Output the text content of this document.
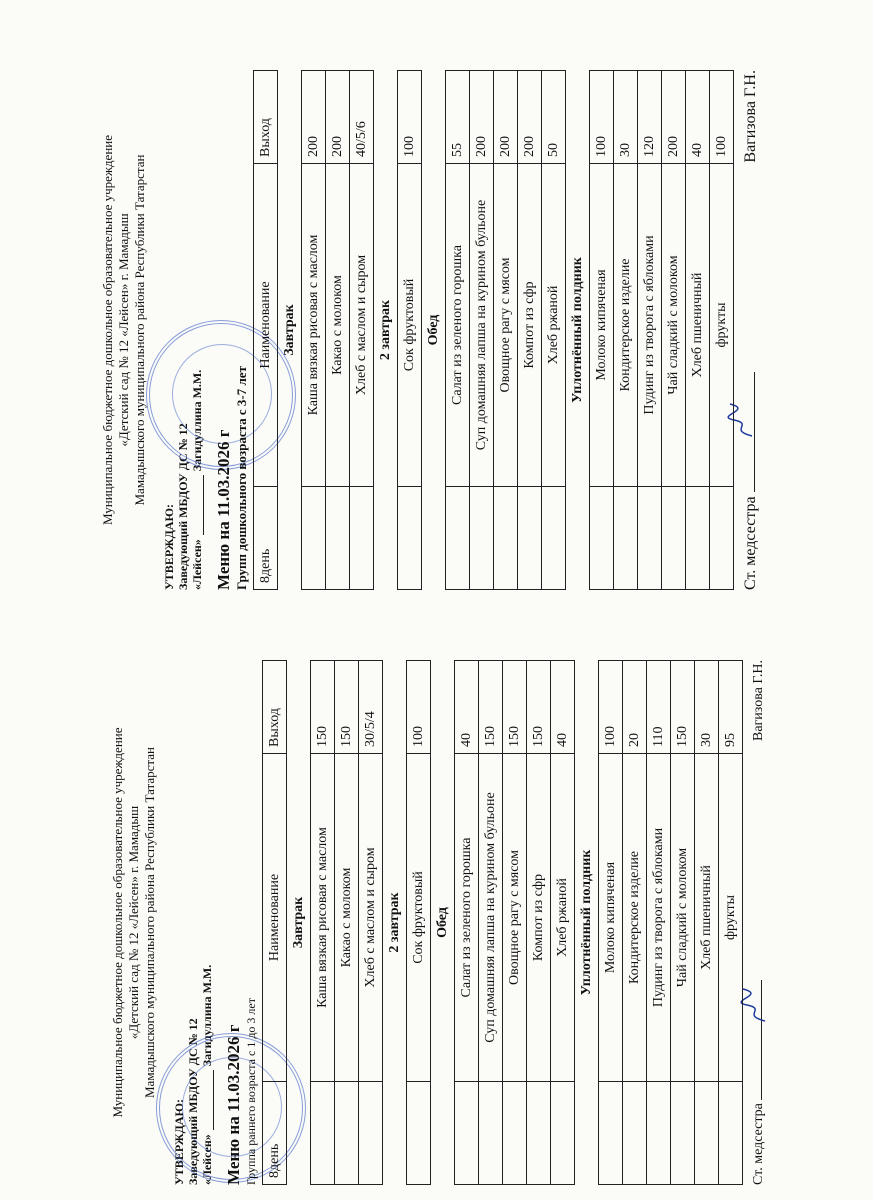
Муниципальное бюджетное дошкольное образовательное учреждение «Детский сад № 12 «Лейсен» г. Мамадыш Мамадышского муниципального района Республики Татарстан
УТВЕРЖДАЮ: Заведующий МБДОУ ДС № 12 «Лейсен»Загидуллина М.М.
Меню на 11.03.2026 г Группа раннего возраста с 1 до 3 лет 8день	Наименование	Выход
Завтрак		
	Каша вязкая рисовая с маслом	150
	Какао с молоком	150
	Хлеб с маслом и сыром	30/5/4
2 завтрак		
	Сок фруктовый	100
Обед		
	Салат из зеленого горошка	40
	Суп домашняя лапша на курином бульоне	150
	Овощное рагу с мясом	150
	Компот из сфр	150
	Хлеб ржаной	40
Уплотнённый полдник		
	Молоко кипяченая	100
	Кондитерское изделие	20
	Пудинг из творога с яблоками	110
	Чай сладкий с молоком	150
	Хлеб пшеничный	30
	фрукты	95
Ст. медсестра
Вагизова Г.Н.
Муниципальное бюджетное дошкольное образовательное учреждение «Детский сад № 12 «Лейсен» г. Мамадыш Мамадышского муниципального района Республики Татарстан
УТВЕРЖДАЮ: Заведующий МБДОУ ДС № 12 «Лейсен»Загидуллина М.М.
Меню на 11.03.2026 г Групп дошкольного возраста с 3-7 лет 8день	Наименование	Выход
Завтрак		
	Каша вязкая рисовая с маслом	200
	Какао с молоком	200
	Хлеб с маслом и сыром	40/5/6
2 завтрак		
	Сок фруктовый	100
Обед		
	Салат из зеленого горошка	55
	Суп домашняя лапша на курином бульоне	200
	Овощное рагу с мясом	200
	Компот из сфр	200
	Хлеб ржаной	50
Уплотнённый полдник		
	Молоко кипяченая	100
	Кондитерское изделие	30
	Пудинг из творога с яблоками	120
	Чай сладкий с молоком	200
	Хлеб пшеничный	40
	фрукты	100
Ст. медсестра
Вагизова Г.Н.
